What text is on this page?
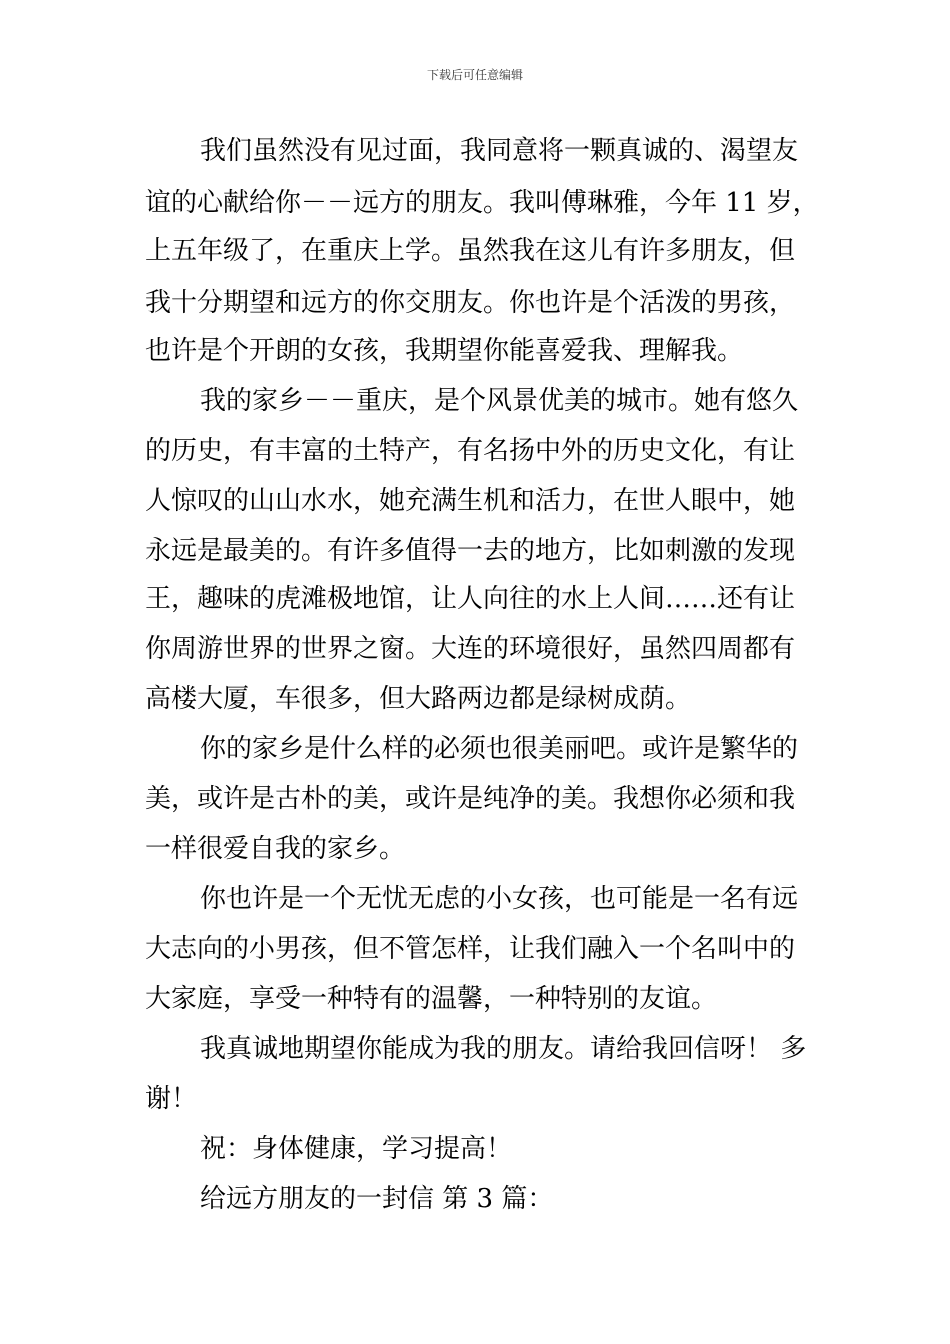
下载后可任意编辑
我们虽然没有见过面，我同意将一颗真诚的、渴望友
谊的心献给你－－远方的朋友。我叫傅琳雅，今年 11 岁，
上五年级了，在重庆上学。虽然我在这儿有许多朋友，但
我十分期望和远方的你交朋友。你也许是个活泼的男孩，
也许是个开朗的女孩，我期望你能喜爱我、理解我。
我的家乡－－重庆，是个风景优美的城市。她有悠久
的历史，有丰富的土特产，有名扬中外的历史文化，有让
人惊叹的山山水水，她充满生机和活力，在世人眼中，她
永远是最美的。有许多值得一去的地方，比如刺激的发现
王，趣味的虎滩极地馆，让人向往的水上人间……还有让
你周游世界的世界之窗。大连的环境很好，虽然四周都有
高楼大厦，车很多，但大路两边都是绿树成荫。
你的家乡是什么样的必须也很美丽吧。或许是繁华的
美，或许是古朴的美，或许是纯净的美。我想你必须和我
一样很爱自我的家乡。
你也许是一个无忧无虑的小女孩，也可能是一名有远
大志向的小男孩，但不管怎样，让我们融入一个名叫中的
大家庭，享受一种特有的温馨，一种特别的友谊。
我真诚地期望你能成为我的朋友。请给我回信呀！ 多
谢！
祝：身体健康，学习提高！
给远方朋友的一封信 第 3 篇：
